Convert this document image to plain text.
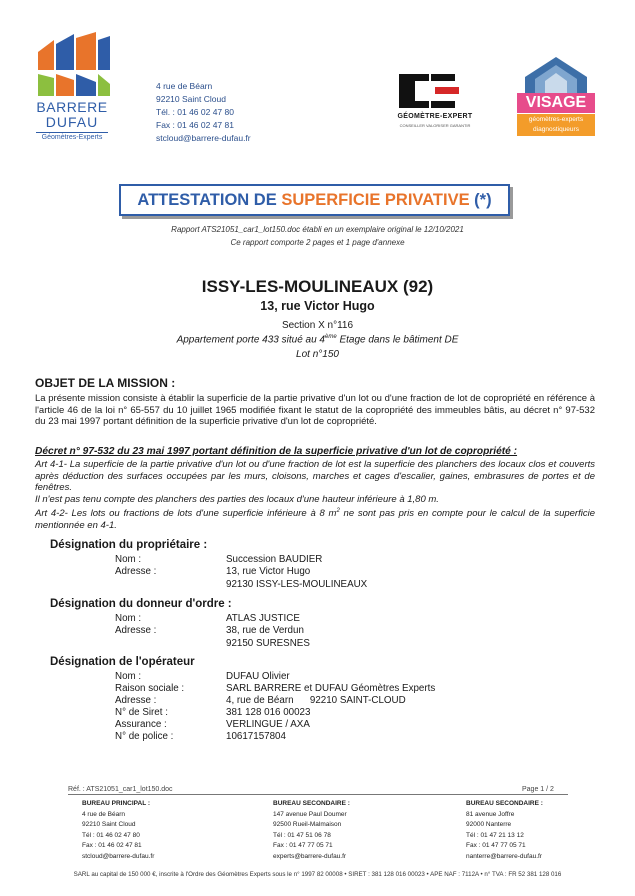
BARRERE
DUFAU
Géomètres-Experts
4 rue de Béarn
92210 Saint Cloud
Tél. : 01 46 02 47 80
Fax : 01 46 02 47 81
stcloud@barrere-dufau.fr
GÉOMÈTRE-EXPERT
CONSEILLER VALORISER GARANTIR
VISAGE
géomètres-experts
diagnostiqueurs
ATTESTATION DE SUPERFICIE PRIVATIVE (*)
Rapport ATS21051_car1_lot150.doc établi en un exemplaire original le 12/10/2021
Ce rapport comporte 2 pages et 1 page d'annexe
ISSY-LES-MOULINEAUX (92)
13, rue Victor Hugo
Section X n°116
Appartement porte 433 situé au 4ème Etage dans le bâtiment DE
Lot n°150
OBJET DE LA MISSION :
La présente mission consiste à établir la superficie de la partie privative d'un lot ou d'une fraction de lot de copropriété en référence à l'article 46 de la loi n° 65-557 du 10 juillet 1965 modifiée fixant le statut de la copropriété des immeubles bâtis, au décret n° 97-532 du 23 mai 1997 portant définition de la superficie privative d'un lot de copropriété.
Décret n° 97-532 du 23 mai 1997 portant définition de la superficie privative d'un lot de copropriété :
Art 4-1- La superficie de la partie privative d'un lot ou d'une fraction de lot est la superficie des planchers des locaux clos et couverts après déduction des surfaces occupées par les murs, cloisons, marches et cages d'escalier, gaines, embrasures de portes et de fenêtres.
Il n'est pas tenu compte des planchers des parties des locaux d'une hauteur inférieure à 1,80 m.
Art 4-2- Les lots ou fractions de lots d'une superficie inférieure à 8 $m^2$ ne sont pas pris en compte pour le calcul de la superficie mentionnée en 4-1.
Désignation du propriétaire :
Nom :	Succession BAUDIER
Adresse :	13, rue Victor Hugo
92130 ISSY-LES-MOULINEAUX
Désignation du donneur d'ordre :
Nom :	ATLAS JUSTICE
Adresse :	38, rue de Verdun
92150 SURESNES
Désignation de l'opérateur
Nom :	DUFAU Olivier
Raison sociale :	SARL BARRERE et DUFAU Géomètres Experts
Adresse :	4, rue de Béarn      92210 SAINT-CLOUD
N° de Siret :	381 128 016 00023
Assurance :	VERLINGUE / AXA
N° de police :	10617157804
Réf. : ATS21051_car1_lot150.doc	Page 1 / 2
BUREAU PRINCIPAL :
4 rue de Béarn
92210 Saint Cloud
Tél : 01 46 02 47 80
Fax : 01 46 02 47 81
stcloud@barrere-dufau.fr
BUREAU SECONDAIRE :
147 avenue Paul Doumer
92500 Rueil-Malmaison
Tél : 01 47 51 06 78
Fax : 01 47 77 05 71
experts@barrere-dufau.fr
BUREAU SECONDAIRE :
81 avenue Joffre
92000 Nanterre
Tél : 01 47 21 13 12
Fax : 01 47 77 05 71
nanterre@barrere-dufau.fr
SARL au capital de 150 000 €, inscrite à l'Ordre des Géomètres Experts sous le n° 1997 82 00008 • SIRET : 381 128 016 00023 • APE NAF : 7112A • n° TVA : FR 52 381 128 016
